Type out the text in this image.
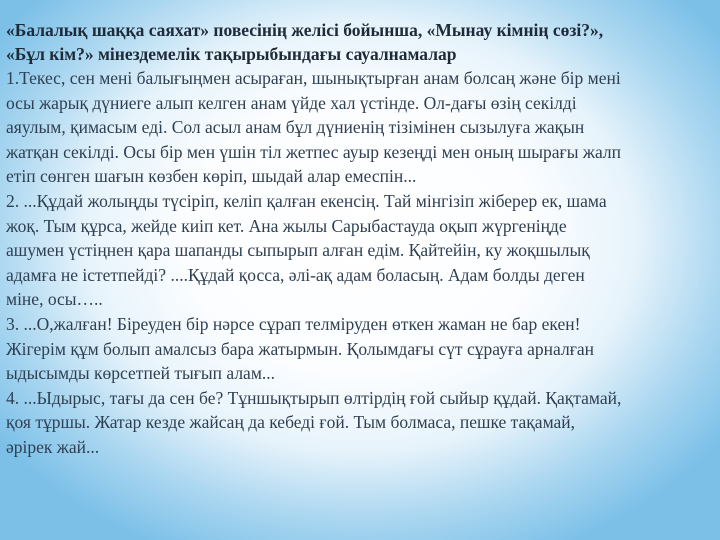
«Балалық шаққа саяхат» повесінің желісі бойынша, «Мынау кімнің сөзі?»,
«Бұл кім?» мінездемелік тақырыбындағы сауалнамалар
1.Текес, сен мені балығыңмен асыраған, шынықтырған анам болсаң және бір мені
осы жарық дүниеге алып келген анам үйде хал үстінде. Ол-дағы өзің секілді
аяулым, қимасым еді. Сол асыл анам бұл дүниенің тізімінен сызылуға жақын
жатқан секілді. Осы бір мен үшін тіл жетпес ауыр кезеңді мен оның шырағы жалп
етіп сөнген шағын көзбен көріп, шыдай алар емеспін...
2. ...Құдай жолыңды түсіріп, келіп қалған екенсің. Тай мінгізіп жіберер ек, шама
жоқ. Тым құрса, жейде киіп кет. Ана жылы Сарыбастауда оқып жүргеніңде
ашумен үстіңнен қара шапанды сыпырып алған едім. Қайтейін, ку жоқшылық
адамға не істетпейді? ....Құдай қосса, әлі-ақ адам боласың. Адам болды деген
міне, осы…..
3. ...О,жалған! Біреуден бір нәрсе сұрап телміруден өткен жаман не бар екен!
Жігерім құм болып амалсыз бара жатырмын. Қолымдағы сүт сұрауға арналған
ыдысымды көрсетпей тығып алам...
4. ...Ыдырыс, тағы да сен бе? Тұншықтырып өлтірдің ғой сыйыр құдай. Қақтамай,
қоя тұршы. Жатар кезде жайсаң да кебеді ғой. Тым болмаса, пешке тақамай,
әрірек жай...
